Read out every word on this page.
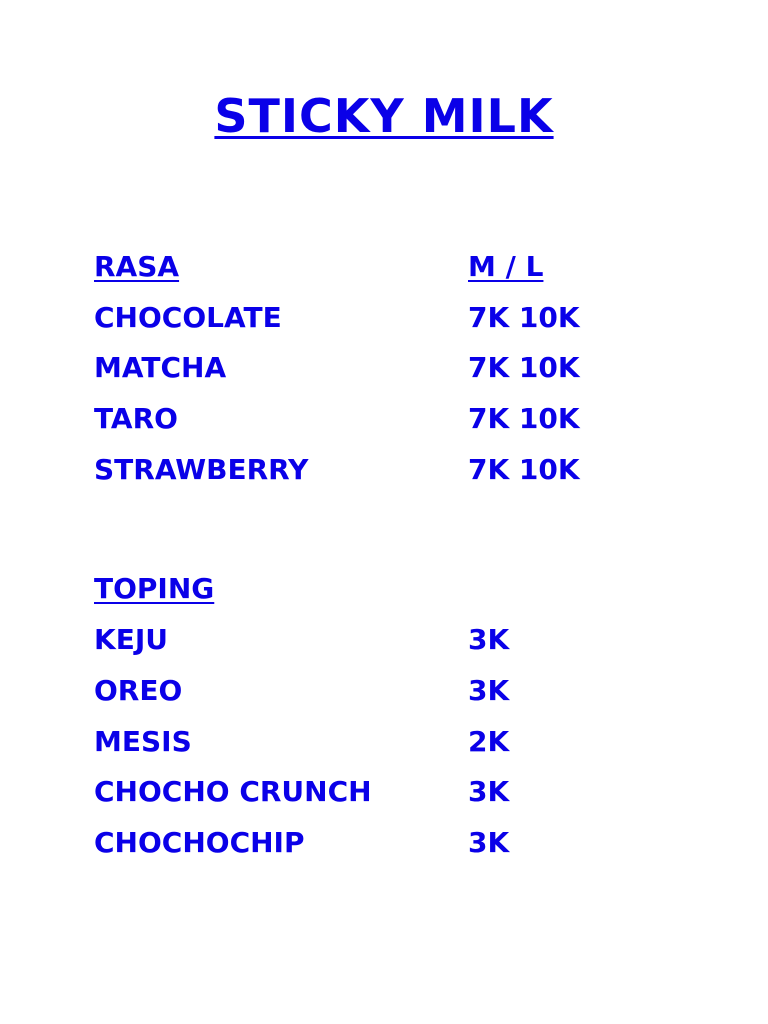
STICKY MILK
RASA	M / L
CHOCOLATE	7K 10K
MATCHA	7K 10K
TARO	7K 10K
STRAWBERRY	7K 10K
TOPING
KEJU	3K
OREO	3K
MESIS	2K
CHOCHO CRUNCH	3K
CHOCHOCHIP	3K
